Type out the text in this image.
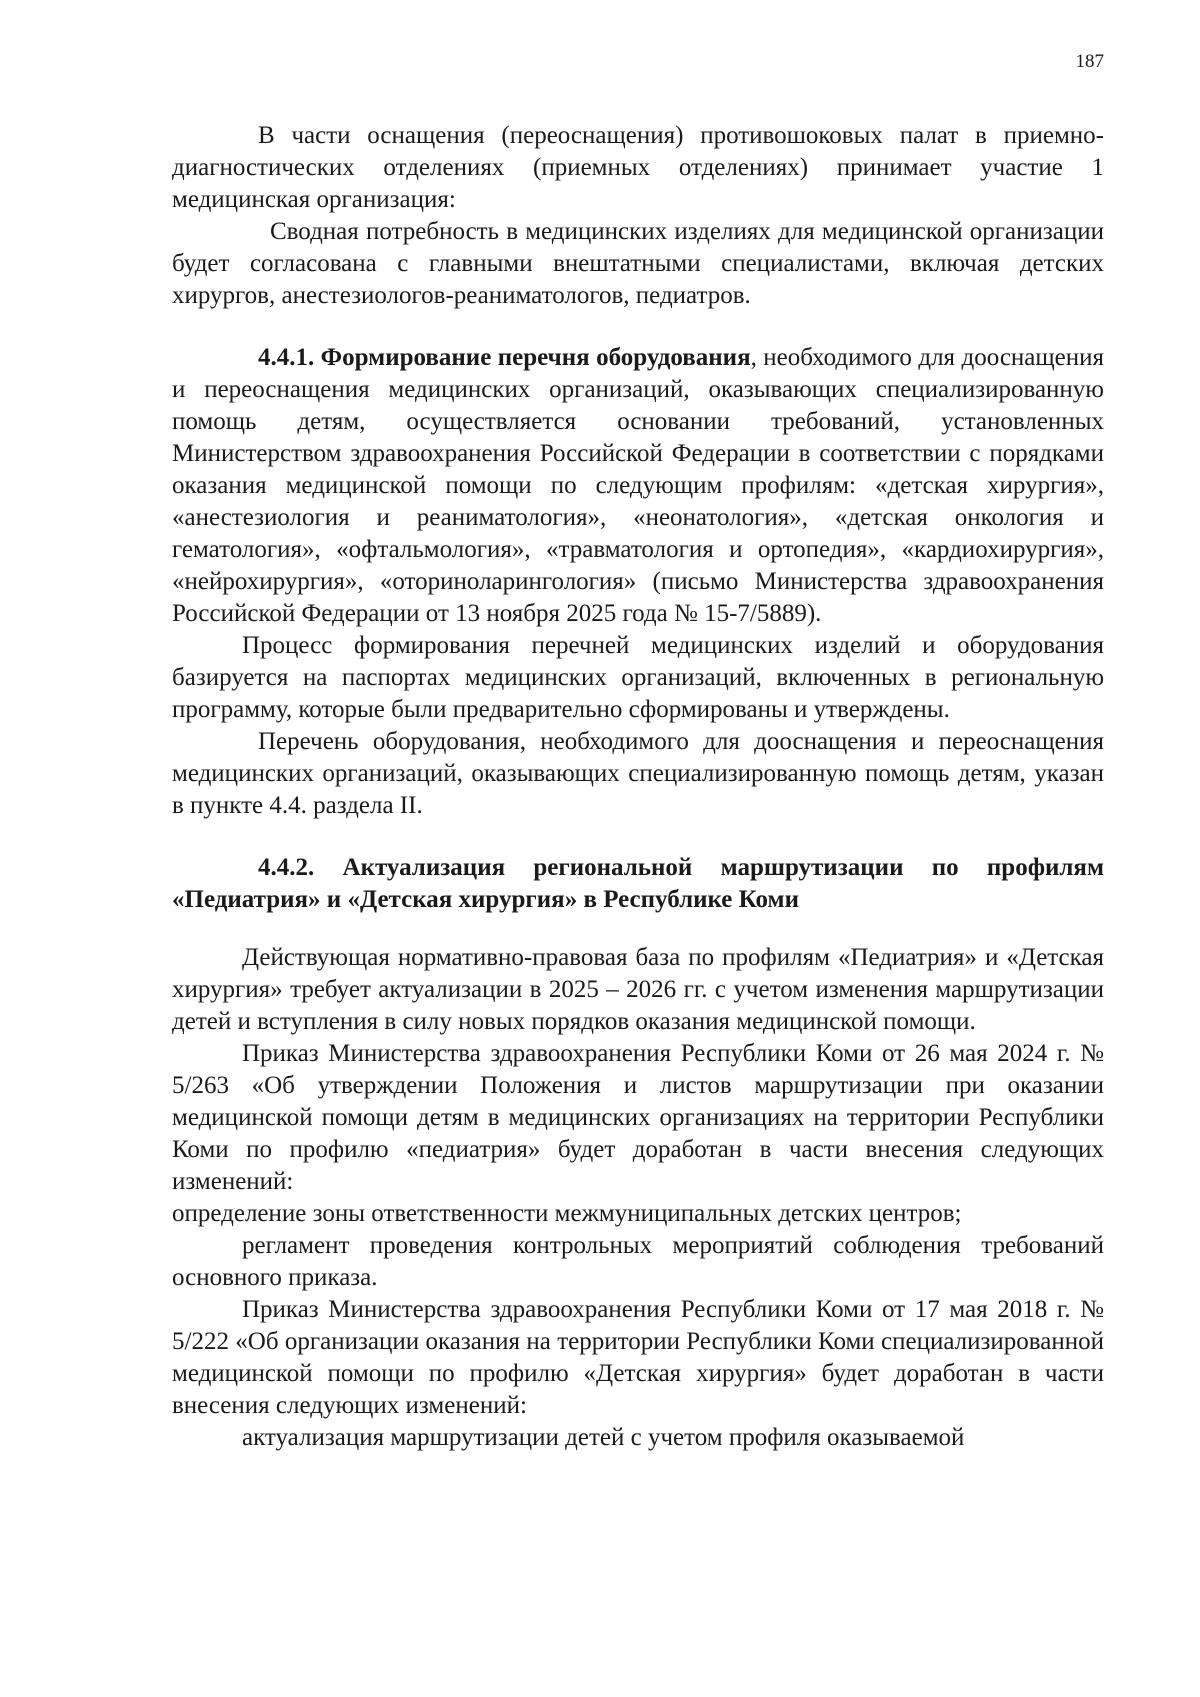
187

В части оснащения (переоснащения) противошоковых палат в приемно-диагностических отделениях (приемных отделениях) принимает участие 1 медицинская организация:

Сводная потребность в медицинских изделиях для медицинской организации будет согласована с главными внештатными специалистами, включая детских хирургов, анестезиологов-реаниматологов, педиатров.

4.4.1. Формирование перечня оборудования, необходимого для дооснащения и переоснащения медицинских организаций, оказывающих специализированную помощь детям, осуществляется основании требований, установленных Министерством здравоохранения Российской Федерации в соответствии с порядками оказания медицинской помощи по следующим профилям: «детская хирургия», «анестезиология и реаниматология», «неонатология», «детская онкология и гематология», «офтальмология», «травматология и ортопедия», «кардиохирургия», «нейрохирургия», «оториноларингология» (письмо Министерства здравоохранения Российской Федерации от 13 ноября 2025 года № 15-7/5889).

Процесс формирования перечней медицинских изделий и оборудования базируется на паспортах медицинских организаций, включенных в региональную программу, которые были предварительно сформированы и утверждены.

Перечень оборудования, необходимого для дооснащения и переоснащения медицинских организаций, оказывающих специализированную помощь детям, указан в пункте 4.4. раздела II.

4.4.2. Актуализация региональной маршрутизации по профилям «Педиатрия» и «Детская хирургия» в Республике Коми

Действующая нормативно-правовая база по профилям «Педиатрия» и «Детская хирургия» требует актуализации в 2025 – 2026 гг. с учетом изменения маршрутизации детей и вступления в силу новых порядков оказания медицинской помощи.

Приказ Министерства здравоохранения Республики Коми от 26 мая 2024 г. № 5/263 «Об утверждении Положения и листов маршрутизации при оказании медицинской помощи детям в медицинских организациях на территории Республики Коми по профилю «педиатрия» будет доработан в части внесения следующих изменений:

определение зоны ответственности межмуниципальных детских центров;

регламент проведения контрольных мероприятий соблюдения требований основного приказа.

Приказ Министерства здравоохранения Республики Коми от 17 мая 2018 г. № 5/222 «Об организации оказания на территории Республики Коми специализированной медицинской помощи по профилю «Детская хирургия» будет доработан в части внесения следующих изменений:

актуализация маршрутизации детей с учетом профиля оказываемой
